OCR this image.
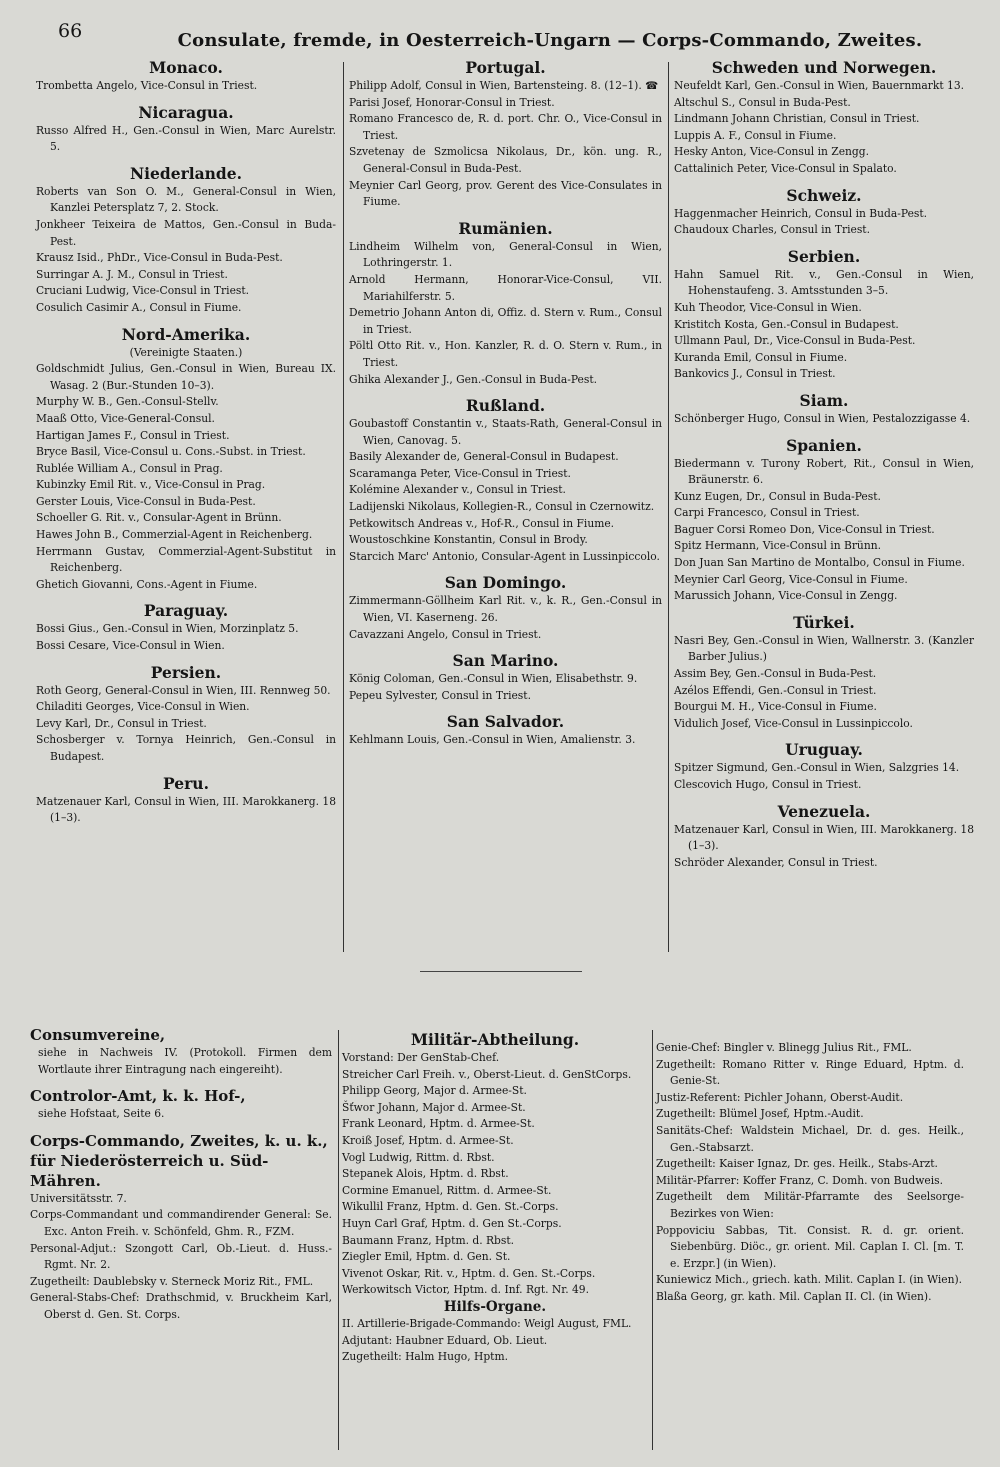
66	Consulate, fremde, in Oesterreich-Ungarn — Corps-Commando, Zweites.
Monaco.
Trombetta Angelo, Vice-Consul in Triest.
Nicaragua.
Russo Alfred H., Gen.-Consul in Wien, Marc Aurelstr. 5.
Niederlande.
Roberts van Son O. M., General-Consul in Wien, Kanzlei Petersplatz 7, 2. Stock.
Jonkheer Teixeira de Mattos, Gen.-Consul in Buda-Pest.
Krausz Isid., PhDr., Vice-Consul in Buda-Pest.
Surringar A. J. M., Consul in Triest.
Cruciani Ludwig, Vice-Consul in Triest.
Cosulich Casimir A., Consul in Fiume.
Nord-Amerika.
(Vereinigte Staaten.)
Goldschmidt Julius, Gen.-Consul in Wien, Bureau IX. Wasag. 2 (Bur.-Stunden 10–3).
Murphy W. B., Gen.-Consul-Stellv.
Maaß Otto, Vice-General-Consul.
Hartigan James F., Consul in Triest.
Bryce Basil, Vice-Consul u. Cons.-Subst. in Triest.
Rublée William A., Consul in Prag.
Kubinzky Emil Rit. v., Vice-Consul in Prag.
Gerster Louis, Vice-Consul in Buda-Pest.
Schoeller G. Rit. v., Consular-Agent in Brünn.
Hawes John B., Commerzial-Agent in Reichenberg.
Herrmann Gustav, Commerzial-Agent-Substitut in Reichenberg.
Ghetich Giovanni, Cons.-Agent in Fiume.
Paraguay.
Bossi Gius., Gen.-Consul in Wien, Morzinplatz 5.
Bossi Cesare, Vice-Consul in Wien.
Persien.
Roth Georg, General-Consul in Wien, III. Rennweg 50.
Chiladiti Georges, Vice-Consul in Wien.
Levy Karl, Dr., Consul in Triest.
Schosberger v. Tornya Heinrich, Gen.-Consul in Budapest.
Peru.
Matzenauer Karl, Consul in Wien, III. Marokkanerg. 18 (1–3).
Portugal.
Philipp Adolf, Consul in Wien, Bartensteing. 8. (12–1). ☎
Parisi Josef, Honorar-Consul in Triest.
Romano Francesco de, R. d. port. Chr. O., Vice-Consul in Triest.
Szvetenay de Szmolicsa Nikolaus, Dr., kön. ung. R., General-Consul in Buda-Pest.
Meynier Carl Georg, prov. Gerent des Vice-Consulates in Fiume.
Rumänien.
Lindheim Wilhelm von, General-Consul in Wien, Lothringerstr. 1.
Arnold Hermann, Honorar-Vice-Consul, VII. Mariahilferstr. 5.
Demetrio Johann Anton di, Offiz. d. Stern v. Rum., Consul in Triest.
Pöltl Otto Rit. v., Hon. Kanzler, R. d. O. Stern v. Rum., in Triest.
Ghika Alexander J., Gen.-Consul in Buda-Pest.
Rußland.
Goubastoff Constantin v., Staats-Rath, General-Consul in Wien, Canovag. 5.
Basily Alexander de, General-Consul in Budapest.
Scaramanga Peter, Vice-Consul in Triest.
Kolémine Alexander v., Consul in Triest.
Ladijenski Nikolaus, Kollegien-R., Consul in Czernowitz.
Petkowitsch Andreas v., Hof-R., Consul in Fiume.
Woustoschkine Konstantin, Consul in Brody.
Starcich Marc' Antonio, Consular-Agent in Lussinpiccolo.
San Domingo.
Zimmermann-Göllheim Karl Rit. v., k. R., Gen.-Consul in Wien, VI. Kaserneng. 26.
Cavazzani Angelo, Consul in Triest.
San Marino.
König Coloman, Gen.-Consul in Wien, Elisabethstr. 9.
Pepeu Sylvester, Consul in Triest.
San Salvador.
Kehlmann Louis, Gen.-Consul in Wien, Amalienstr. 3.
Schweden und Norwegen.
Neufeldt Karl, Gen.-Consul in Wien, Bauernmarkt 13.
Altschul S., Consul in Buda-Pest.
Lindmann Johann Christian, Consul in Triest.
Luppis A. F., Consul in Fiume.
Hesky Anton, Vice-Consul in Zengg.
Cattalinich Peter, Vice-Consul in Spalato.
Schweiz.
Haggenmacher Heinrich, Consul in Buda-Pest.
Chaudoux Charles, Consul in Triest.
Serbien.
Hahn Samuel Rit. v., Gen.-Consul in Wien, Hohenstaufeng. 3. Amtsstunden 3–5.
Kuh Theodor, Vice-Consul in Wien.
Kristitch Kosta, Gen.-Consul in Budapest.
Ullmann Paul, Dr., Vice-Consul in Buda-Pest.
Kuranda Emil, Consul in Fiume.
Bankovics J., Consul in Triest.
Siam.
Schönberger Hugo, Consul in Wien, Pestalozzigasse 4.
Spanien.
Biedermann v. Turony Robert, Rit., Consul in Wien, Bräunerstr. 6.
Kunz Eugen, Dr., Consul in Buda-Pest.
Carpi Francesco, Consul in Triest.
Baguer Corsi Romeo Don, Vice-Consul in Triest.
Spitz Hermann, Vice-Consul in Brünn.
Don Juan San Martino de Montalbo, Consul in Fiume.
Meynier Carl Georg, Vice-Consul in Fiume.
Marussich Johann, Vice-Consul in Zengg.
Türkei.
Nasri Bey, Gen.-Consul in Wien, Wallnerstr. 3. (Kanzler Barber Julius.)
Assim Bey, Gen.-Consul in Buda-Pest.
Azélos Effendi, Gen.-Consul in Triest.
Bourgui M. H., Vice-Consul in Fiume.
Vidulich Josef, Vice-Consul in Lussinpiccolo.
Uruguay.
Spitzer Sigmund, Gen.-Consul in Wien, Salzgries 14.
Clescovich Hugo, Consul in Triest.
Venezuela.
Matzenauer Karl, Consul in Wien, III. Marokkanerg. 18 (1–3).
Schröder Alexander, Consul in Triest.
Consumvereine,
siehe in Nachweis IV. (Protokoll. Firmen dem Wortlaute ihrer Eintragung nach eingereiht).
Controlor-Amt, k. k. Hof-,
siehe Hofstaat, Seite 6.
Corps-Commando, Zweites, k. u. k., für Niederösterreich u. Süd-Mähren.
Universitätsstr. 7.
Corps-Commandant und commandirender General: Se. Exc. Anton Freih. v. Schönfeld, Ghm. R., FZM.
Personal-Adjut.: Szongott Carl, Ob.-Lieut. d. Huss.-Rgmt. Nr. 2.
Zugetheilt: Daublebsky v. Sterneck Moriz Rit., FML.
General-Stabs-Chef: Drathschmid, v. Bruckheim Karl, Oberst d. Gen. St. Corps.
Militär-Abtheilung.
Vorstand: Der GenStab-Chef.
Streicher Carl Freih. v., Oberst-Lieut. d. GenStCorps.
Philipp Georg, Major d. Armee-St.
Šťwor Johann, Major d. Armee-St.
Frank Leonard, Hptm. d. Armee-St.
Kroiß Josef, Hptm. d. Armee-St.
Vogl Ludwig, Rittm. d. Rbst.
Stepanek Alois, Hptm. d. Rbst.
Cormine Emanuel, Rittm. d. Armee-St.
Wikullil Franz, Hptm. d. Gen. St.-Corps.
Huyn Carl Graf, Hptm. d. Gen St.-Corps.
Baumann Franz, Hptm. d. Rbst.
Ziegler Emil, Hptm. d. Gen. St.
Vivenot Oskar, Rit. v., Hptm. d. Gen. St.-Corps.
Werkowitsch Victor, Hptm. d. Inf. Rgt. Nr. 49.
Hilfs-Organe.
II. Artillerie-Brigade-Commando: Weigl August, FML.
Adjutant: Haubner Eduard, Ob. Lieut.
Zugetheilt: Halm Hugo, Hptm.
Genie-Chef: Bingler v. Blinegg Julius Rit., FML.
Zugetheilt: Romano Ritter v. Ringe Eduard, Hptm. d. Genie-St.
Justiz-Referent: Pichler Johann, Oberst-Audit.
Zugetheilt: Blümel Josef, Hptm.-Audit.
Sanitäts-Chef: Waldstein Michael, Dr. d. ges. Heilk., Gen.-Stabsarzt.
Zugetheilt: Kaiser Ignaz, Dr. ges. Heilk., Stabs-Arzt.
Militär-Pfarrer: Koffer Franz, C. Domh. von Budweis.
Zugetheilt dem Militär-Pfarramte des Seelsorge-Bezirkes von Wien:
Poppoviciu Sabbas, Tit. Consist. R. d. gr. orient. Siebenbürg. Diöc., gr. orient. Mil. Caplan I. Cl. [m. T. e. Erzpr.] (in Wien).
Kuniewicz Mich., griech. kath. Milit. Caplan I. (in Wien).
Blaßa Georg, gr. kath. Mil. Caplan II. Cl. (in Wien).
